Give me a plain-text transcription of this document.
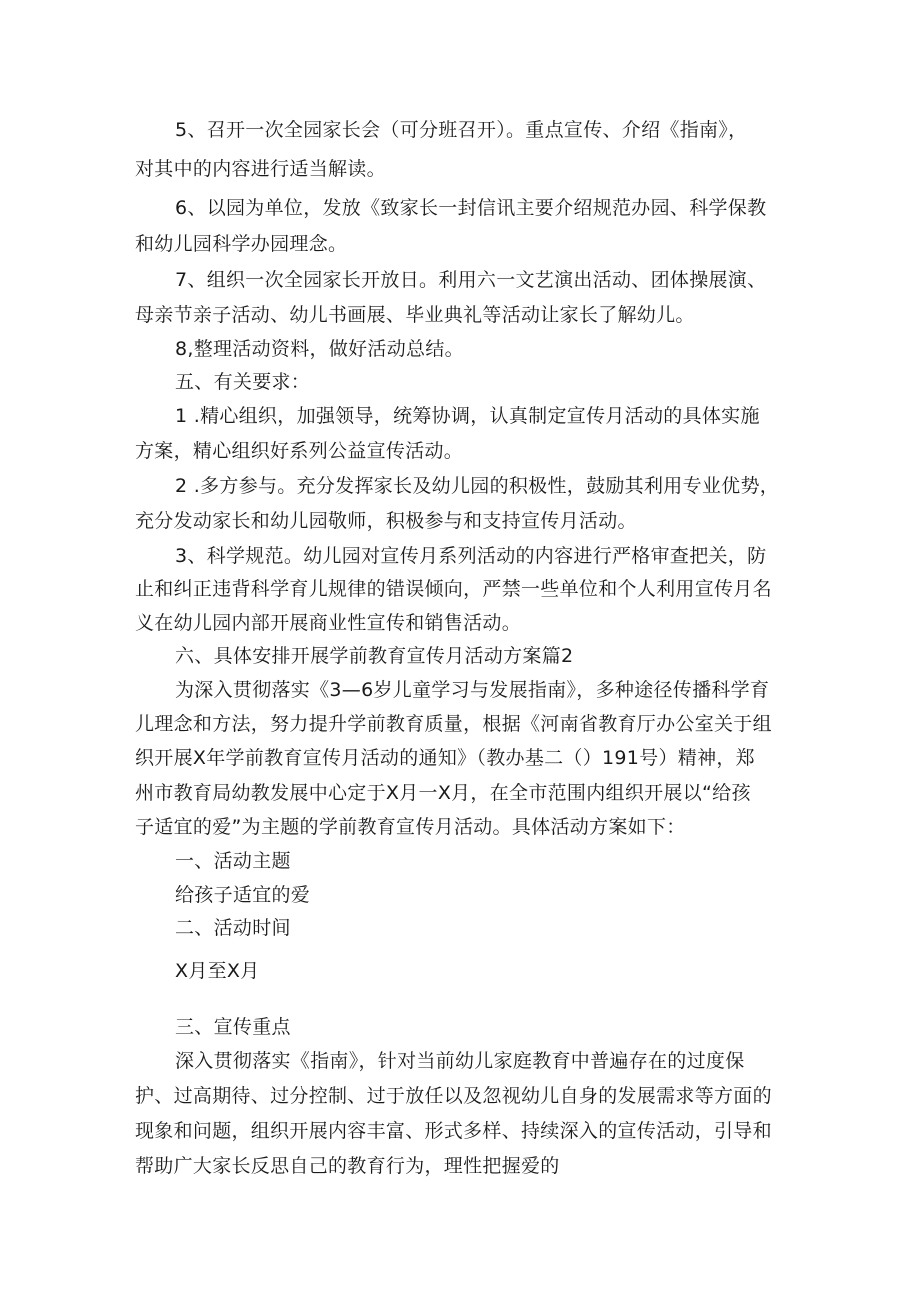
5、召开一次全园家长会（可分班召开）。重点宣传、介绍《指南》，
对其中的内容进行适当解读。
6、以园为单位，发放《致家长一封信讯主要介绍规范办园、科学保教
和幼儿园科学办园理念。
7、组织一次全园家长开放日。利用六一文艺演出活动、团体操展演、
母亲节亲子活动、幼儿书画展、毕业典礼等活动让家长了解幼儿。
8,整理活动资料，做好活动总结。
五、有关要求：
1 .精心组织，加强领导，统筹协调，认真制定宣传月活动的具体实施
方案，精心组织好系列公益宣传活动。
2 .多方参与。充分发挥家长及幼儿园的积极性，鼓励其利用专业优势，
充分发动家长和幼儿园敬师，积极参与和支持宣传月活动。
3、科学规范。幼儿园对宣传月系列活动的内容进行严格审查把关，防
止和纠正违背科学育儿规律的错误倾向，严禁一些单位和个人利用宣传月名
义在幼儿园内部开展商业性宣传和销售活动。
六、具体安排开展学前教育宣传月活动方案篇2
为深入贯彻落实《3—6岁儿童学习与发展指南》，多种途径传播科学育
儿理念和方法，努力提升学前教育质量，根据《河南省教育厅办公室关于组
织开展X年学前教育宣传月活动的通知》（教办基二（）191号）精神，郑
州市教育局幼教发展中心定于X月一X月，在全市范围内组织开展以“给孩
子适宜的爱”为主题的学前教育宣传月活动。具体活动方案如下：
一、活动主题
给孩子适宜的爱
二、活动时间
X月至X月
三、宣传重点
深入贯彻落实《指南》，针对当前幼儿家庭教育中普遍存在的过度保
护、过高期待、过分控制、过于放任以及忽视幼儿自身的发展需求等方面的
现象和问题，组织开展内容丰富、形式多样、持续深入的宣传活动，引导和
帮助广大家长反思自己的教育行为，理性把握爱的
